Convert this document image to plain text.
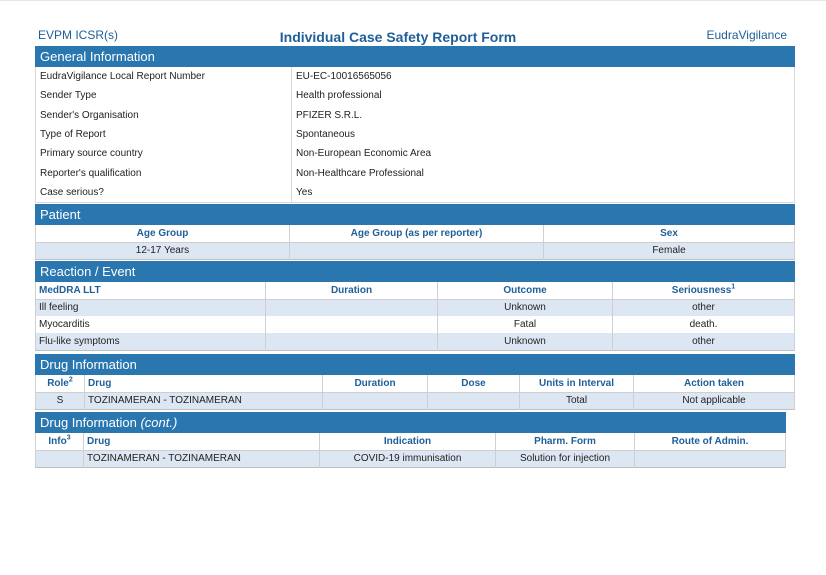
EVPM ICSR(s)	Individual Case Safety Report Form	EudraVigilance
General Information
EudraVigilance Local Report Number	EU-EC-10016565056
Sender Type	Health professional
Sender's Organisation	PFIZER S.R.L.
Type of Report	Spontaneous
Primary source country	Non-European Economic Area
Reporter's qualification	Non-Healthcare Professional
Case serious?	Yes
Patient
Age Group	Age Group (as per reporter)	Sex
12-17 Years		Female
Reaction / Event
MedDRA LLT	Duration	Outcome	Seriousness$^1$
Ill feeling		Unknown	other
Myocarditis		Fatal	death.
Flu-like symptoms		Unknown	other
Drug Information
Role$^2$	Drug	Duration	Dose	Units in Interval	Action taken
S	TOZINAMERAN - TOZINAMERAN			Total	Not applicable
Drug Information (cont.)
Info$^3$	Drug	Indication	Pharm. Form	Route of Admin.
	TOZINAMERAN - TOZINAMERAN	COVID-19 immunisation	Solution for injection	
